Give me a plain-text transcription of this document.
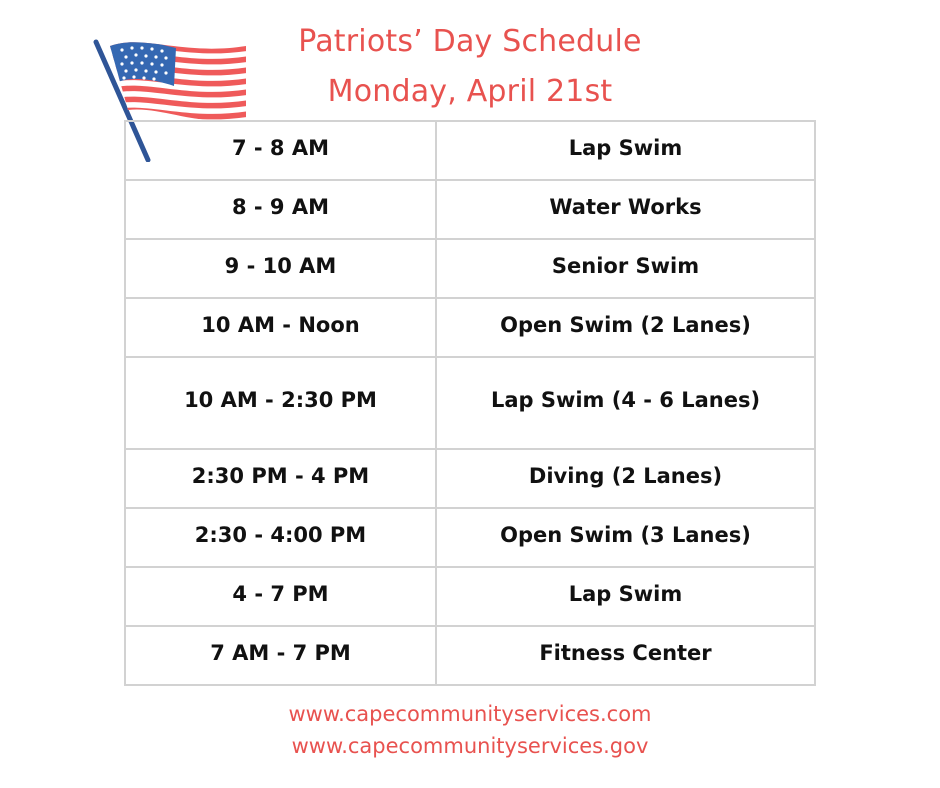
Patriots’ Day Schedule
Monday, April 21st
7 - 8 AM	Lap Swim
8 - 9 AM	Water Works
9 - 10 AM	Senior Swim
10 AM - Noon	Open Swim (2 Lanes)
10 AM - 2:30 PM	Lap Swim (4 - 6 Lanes)
2:30 PM - 4 PM	Diving (2 Lanes)
2:30 - 4:00 PM	Open Swim (3 Lanes)
4 - 7 PM	Lap Swim
7 AM - 7 PM	Fitness Center
www.capecommunityservices.com
www.capecommunityservices.gov
